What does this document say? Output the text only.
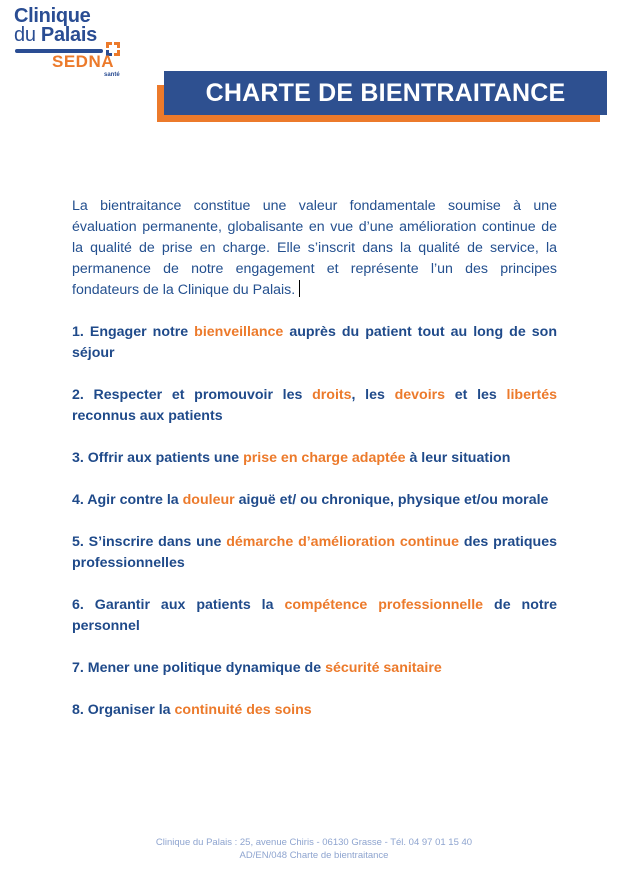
Clinique
du Palais
SEDNA
santé
CHARTE DE BIENTRAITANCE

La bientraitance constitue une valeur fondamentale soumise à une évaluation permanente, globalisante en vue d’une amélioration continue de la qualité de prise en charge. Elle s’inscrit dans la qualité de service, la permanence de notre engagement et représente l’un des principes fondateurs de la Clinique du Palais.

1. Engager notre bienveillance auprès du patient tout au long de son séjour

2. Respecter et promouvoir les droits, les devoirs et les libertés reconnus aux patients

3. Offrir aux patients une prise en charge adaptée à leur situation

4. Agir contre la douleur aiguë et/ ou chronique, physique et/ou morale

5. S’inscrire dans une démarche d’amélioration continue des pratiques professionnelles

6. Garantir aux patients la compétence professionnelle de notre personnel

7. Mener une politique dynamique de sécurité sanitaire

8. Organiser la continuité des soins

Clinique du Palais : 25, avenue Chiris - 06130 Grasse - Tél. 04 97 01 15 40
AD/EN/048 Charte de bientraitance
